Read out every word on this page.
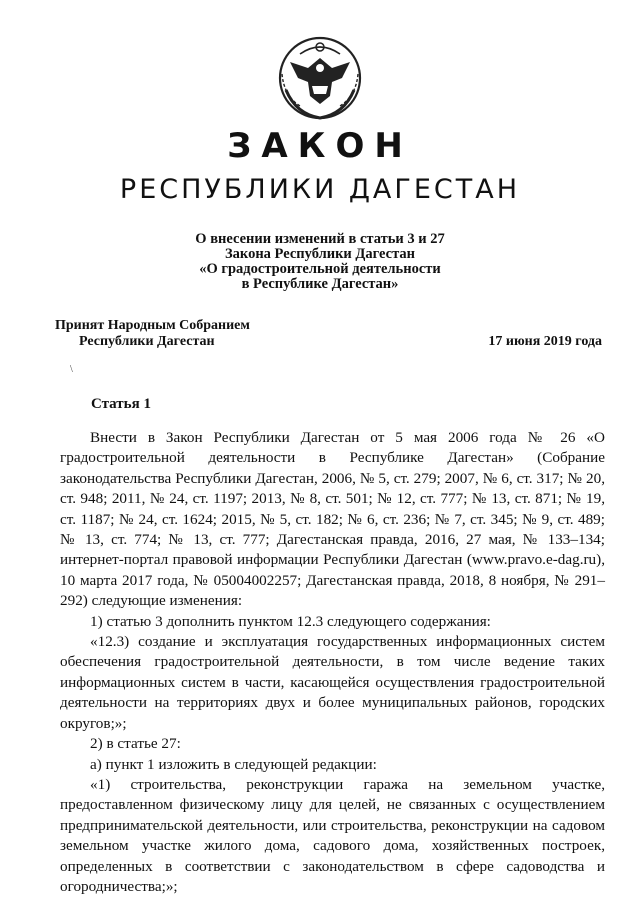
ЗАКОН
РЕСПУБЛИКИ ДАГЕСТАН
О внесении изменений в статьи 3 и 27
Закона Республики Дагестан
«О градостроительной деятельности
в Республике Дагестан»
Принят Народным Собранием
Республики Дагестан	17 июня 2019 года
\
Статья 1

Внести в Закон Республики Дагестан от 5 мая 2006 года № 26 «О градостроительной деятельности в Республике Дагестан» (Собрание законодательства Республики Дагестан, 2006, № 5, ст. 279; 2007, № 6, ст. 317; № 20, ст. 948; 2011, № 24, ст. 1197; 2013, № 8, ст. 501; № 12, ст. 777; № 13, ст. 871; № 19, ст. 1187; № 24, ст. 1624; 2015, № 5, ст. 182; № 6, ст. 236; № 7, ст. 345; № 9, ст. 489; № 13, ст. 774; № 13, ст. 777; Дагестанская правда, 2016, 27 мая, № 133–134; интернет-портал правовой информации Республики Дагестан (www.pravo.e-dag.ru), 10 марта 2017 года, № 05004002257; Дагестанская правда, 2018, 8 ноября, № 291–292) следующие изменения:

1) статью 3 дополнить пунктом 12.3 следующего содержания:

«12.3) создание и эксплуатация государственных информационных систем обеспечения градостроительной деятельности, в том числе ведение таких информационных систем в части, касающейся осуществления градостроительной деятельности на территориях двух и более муниципальных районов, городских округов;»;

2) в статье 27:

а) пункт 1 изложить в следующей редакции:

«1) строительства, реконструкции гаража на земельном участке, предоставленном физическому лицу для целей, не связанных с осуществлением предпринимательской деятельности, или строительства, реконструкции на садовом земельном участке жилого дома, садового дома, хозяйственных построек, определенных в соответствии с законодательством в сфере садоводства и огородничества;»;
